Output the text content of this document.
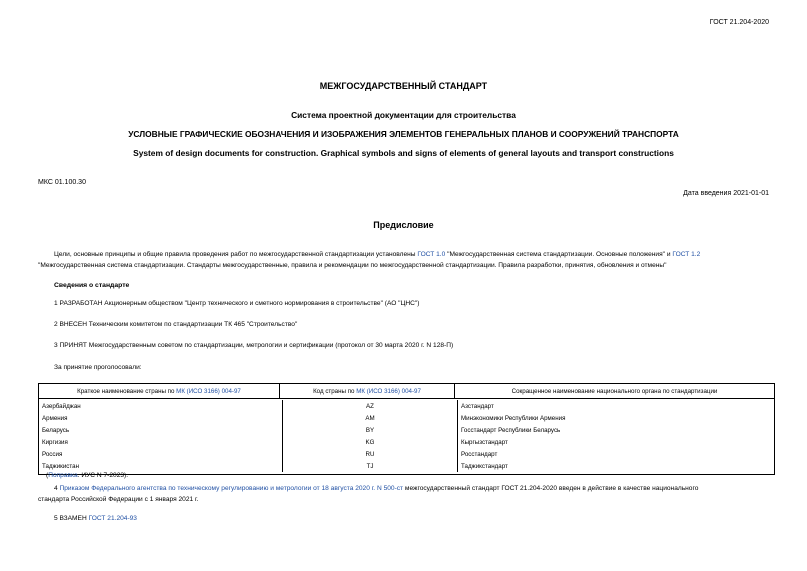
ГОСТ 21.204-2020
МЕЖГОСУДАРСТВЕННЫЙ СТАНДАРТ
Система проектной документации для строительства
УСЛОВНЫЕ ГРАФИЧЕСКИЕ ОБОЗНАЧЕНИЯ И ИЗОБРАЖЕНИЯ ЭЛЕМЕНТОВ ГЕНЕРАЛЬНЫХ ПЛАНОВ И СООРУЖЕНИЙ ТРАНСПОРТА
System of design documents for construction. Graphical symbols and signs of elements of general layouts and transport constructions
МКС 01.100.30
Дата введения 2021-01-01
Предисловие
Цели, основные принципы и общие правила проведения работ по межгосударственной стандартизации установлены ГОСТ 1.0 "Межгосударственная система стандартизации. Основные положения" и ГОСТ 1.2
"Межгосударственная система стандартизации. Стандарты межгосударственные, правила и рекомендации по межгосударственной стандартизации. Правила разработки, принятия, обновления и отмены"
Сведения о стандарте
1 РАЗРАБОТАН Акционерным обществом "Центр технического и сметного нормирования в строительстве" (АО "ЦНС")
2 ВНЕСЕН Техническим комитетом по стандартизации ТК 465 "Строительство"
3 ПРИНЯТ Межгосударственным советом по стандартизации, метрологии и сертификации (протокол от 30 марта 2020 г. N 128-П)
За принятие проголосовали:
Краткое наименование страны по МК (ИСО 3166) 004-97	Код страны по МК (ИСО 3166) 004-97	Сокращенное наименование национального органа по стандартизации
Азербайджан	AZ	Азстандарт
Армения	AM	Минэкономики Республики Армения
Беларусь	BY	Госстандарт Республики Беларусь
Киргизия	KG	Кыргызстандарт
Россия	RU	Росстандарт
Таджикистан	TJ	Таджикстандарт
(Поправка. ИУС N 7-2023).
4 Приказом Федерального агентства по техническому регулированию и метрологии от 18 августа 2020 г. N 500-ст межгосударственный стандарт ГОСТ 21.204-2020 введен в действие в качестве национального
стандарта Российской Федерации с 1 января 2021 г.
5 ВЗАМЕН ГОСТ 21.204-93
